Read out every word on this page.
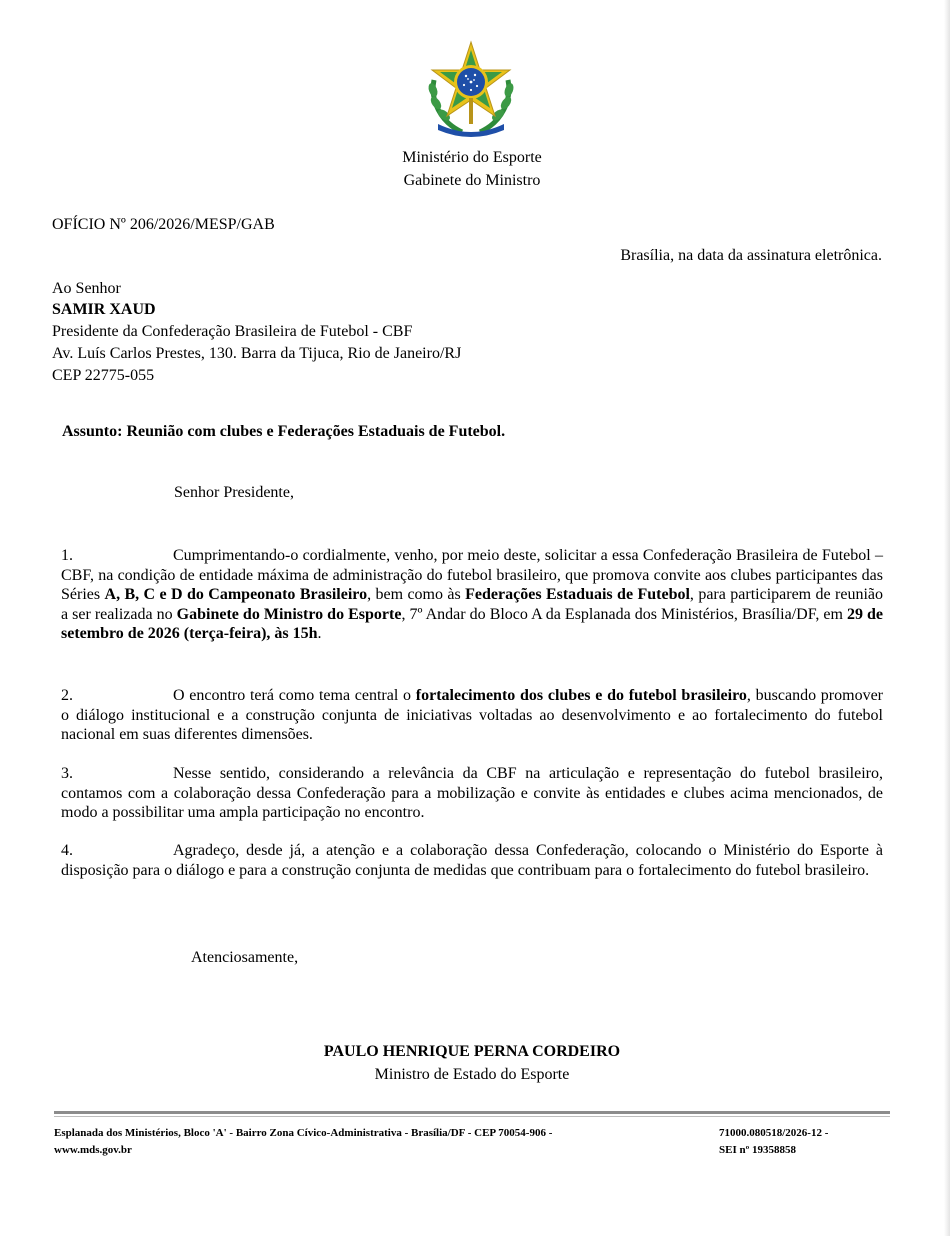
Ministério do Esporte
Gabinete do Ministro
OFÍCIO Nº 206/2026/MESP/GAB
Brasília, na data da assinatura eletrônica.
Ao Senhor
SAMIR XAUD
Presidente da Confederação Brasileira de Futebol - CBF
Av. Luís Carlos Prestes, 130. Barra da Tijuca, Rio de Janeiro/RJ
CEP 22775-055
Assunto: Reunião com clubes e Federações Estaduais de Futebol.
Senhor Presidente,
1.	Cumprimentando-o cordialmente, venho, por meio deste, solicitar a essa Confederação Brasileira de Futebol – CBF, na condição de entidade máxima de administração do futebol brasileiro, que promova convite aos clubes participantes das Séries A, B, C e D do Campeonato Brasileiro, bem como às Federações Estaduais de Futebol, para participarem de reunião a ser realizada no Gabinete do Ministro do Esporte, 7º Andar do Bloco A da Esplanada dos Ministérios, Brasília/DF, em 29 de setembro de 2026 (terça-feira), às 15h.
2.	O encontro terá como tema central o fortalecimento dos clubes e do futebol brasileiro, buscando promover o diálogo institucional e a construção conjunta de iniciativas voltadas ao desenvolvimento e ao fortalecimento do futebol nacional em suas diferentes dimensões.
3.	Nesse sentido, considerando a relevância da CBF na articulação e representação do futebol brasileiro, contamos com a colaboração dessa Confederação para a mobilização e convite às entidades e clubes acima mencionados, de modo a possibilitar uma ampla participação no encontro.
4.	Agradeço, desde já, a atenção e a colaboração dessa Confederação, colocando o Ministério do Esporte à disposição para o diálogo e para a construção conjunta de medidas que contribuam para o fortalecimento do futebol brasileiro.
Atenciosamente,
PAULO HENRIQUE PERNA CORDEIRO
Ministro de Estado do Esporte
Esplanada dos Ministérios, Bloco 'A' - Bairro Zona Cívico-Administrativa - Brasília/DF - CEP 70054-906 -
www.mds.gov.br
71000.080518/2026-12 -
SEI nº 19358858
